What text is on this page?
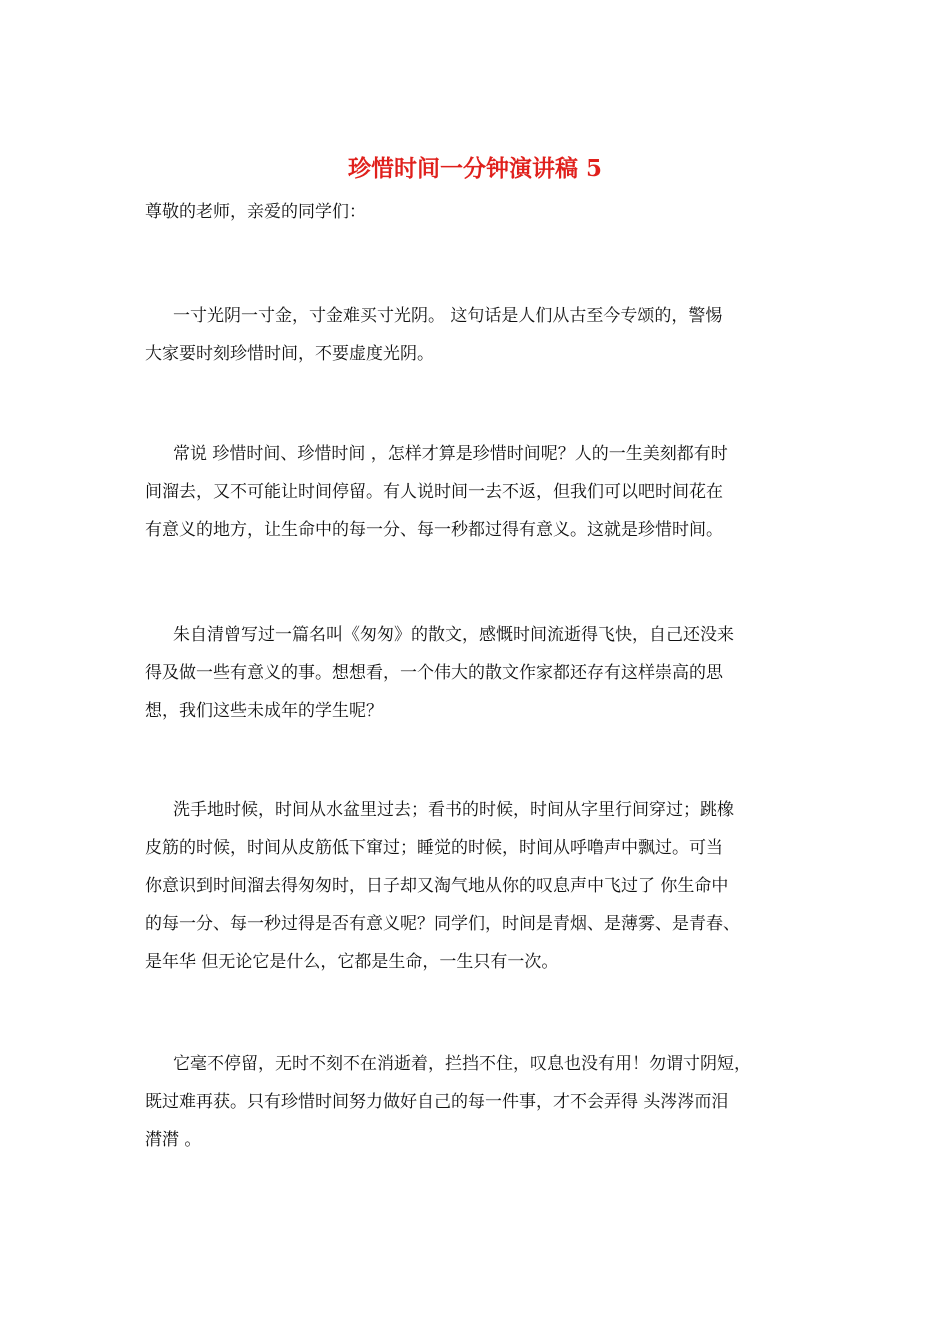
珍惜时间一分钟演讲稿 5

尊敬的老师，亲爱的同学们：

一寸光阴一寸金，寸金难买寸光阴。 这句话是人们从古至今专颂的，警惕
大家要时刻珍惜时间，不要虚度光阴。

常说 珍惜时间、珍惜时间 ，怎样才算是珍惜时间呢？人的一生美刻都有时
间溜去，又不可能让时间停留。有人说时间一去不返，但我们可以吧时间花在
有意义的地方，让生命中的每一分、每一秒都过得有意义。这就是珍惜时间。

朱自清曾写过一篇名叫《匆匆》的散文，感慨时间流逝得飞快，自己还没来
得及做一些有意义的事。想想看，一个伟大的散文作家都还存有这样崇高的思
想，我们这些未成年的学生呢？

洗手地时候，时间从水盆里过去；看书的时候，时间从字里行间穿过；跳橡
皮筋的时候，时间从皮筋低下窜过；睡觉的时候，时间从呼噜声中飘过。可当
你意识到时间溜去得匆匆时，日子却又淘气地从你的叹息声中飞过了 你生命中
的每一分、每一秒过得是否有意义呢？同学们，时间是青烟、是薄雾、是青春、
是年华 但无论它是什么，它都是生命，一生只有一次。

它毫不停留，无时不刻不在消逝着，拦挡不住，叹息也没有用！勿谓寸阴短，
既过难再获。只有珍惜时间努力做好自己的每一件事，才不会弄得 头涔涔而泪
潸潸 。
